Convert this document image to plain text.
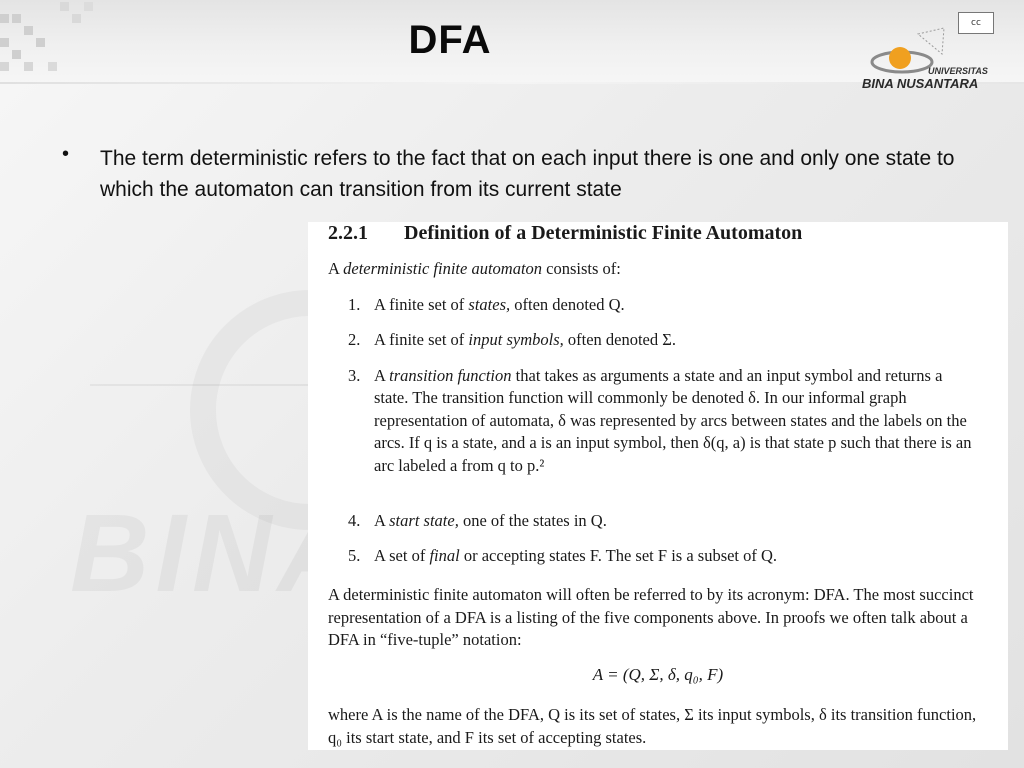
DFA	cc
UNIVERSITAS
BINA NUSANTARA
• The term deterministic refers to the fact that on each input there is one and only one state to which the automaton can transition from its current state
2.2.1 Definition of a Deterministic Finite Automaton
A deterministic finite automaton consists of:
1. A finite set of states, often denoted Q.
2. A finite set of input symbols, often denoted Σ.
3. A transition function that takes as arguments a state and an input symbol and returns a state. The transition function will commonly be denoted δ. In our informal graph representation of automata, δ was represented by arcs between states and the labels on the arcs. If q is a state, and a is an input symbol, then δ(q, a) is that state p such that there is an arc labeled a from q to p.²
4. A start state, one of the states in Q.
5. A set of final or accepting states F. The set F is a subset of Q.
A deterministic finite automaton will often be referred to by its acronym: DFA. The most succinct representation of a DFA is a listing of the five components above. In proofs we often talk about a DFA in “five-tuple” notation:
A = (Q, Σ, δ, q₀, F)
where A is the name of the DFA, Q is its set of states, Σ its input symbols, δ its transition function, q₀ its start state, and F its set of accepting states.
